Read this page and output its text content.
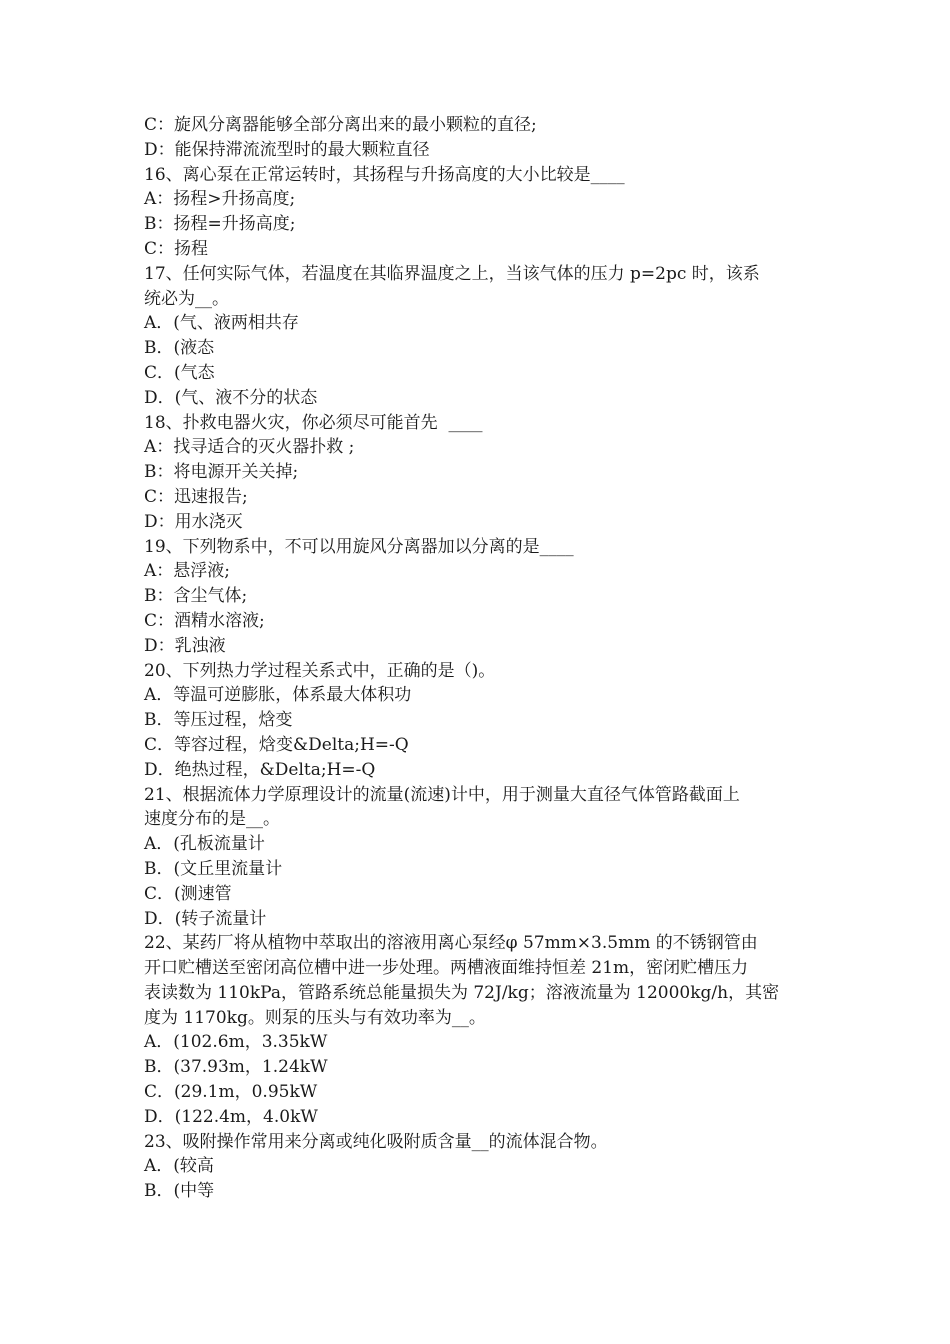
C：旋风分离器能够全部分离出来的最小颗粒的直径;

D：能保持滞流流型时的最大颗粒直径

16、离心泵在正常运转时，其扬程与升扬高度的大小比较是____

A：扬程>升扬高度;

B：扬程=升扬高度;

C：扬程

17、任何实际气体，若温度在其临界温度之上，当该气体的压力 p=2pc 时，该系

统必为__。

A．(气、液两相共存

B．(液态

C．(气态

D．(气、液不分的状态

18、扑救电器火灾，你必须尽可能首先  ____

A：找寻适合的灭火器扑救 ;

B：将电源开关关掉;

C：迅速报告;

D：用水浇灭

19、下列物系中，不可以用旋风分离器加以分离的是____

A：悬浮液;

B：含尘气体;

C：酒精水溶液;

D：乳浊液

20、下列热力学过程关系式中，正确的是（)。

A．等温可逆膨胀，体系最大体积功

B．等压过程，焓变

C．等容过程，焓变&Delta;H=-Q

D．绝热过程，&Delta;H=-Q

21、根据流体力学原理设计的流量(流速)计中，用于测量大直径气体管路截面上

速度分布的是__。

A．(孔板流量计

B．(文丘里流量计

C．(测速管

D．(转子流量计

22、某药厂将从植物中萃取出的溶液用离心泵经φ 57mm×3.5mm 的不锈钢管由

开口贮槽送至密闭高位槽中进一步处理。两槽液面维持恒差 21m，密闭贮槽压力

表读数为 110kPa，管路系统总能量损失为 72J/kg；溶液流量为 12000kg/h，其密

度为 1170kg。则泵的压头与有效功率为__。

A．(102.6m，3.35kW

B．(37.93m，1.24kW

C．(29.1m，0.95kW

D．(122.4m，4.0kW

23、吸附操作常用来分离或纯化吸附质含量__的流体混合物。

A．(较高

B．(中等
